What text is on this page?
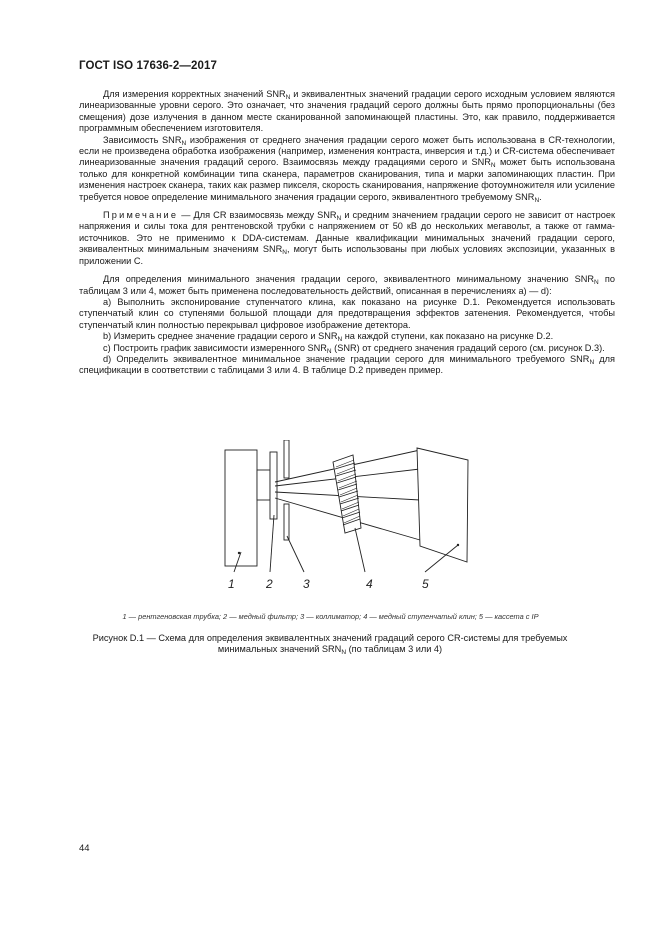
ГОСТ ISO 17636-2—2017

Для измерения корректных значений $SNR_N$ и эквивалентных значений градации серого исходным условием являются линеаризованные уровни серого. Это означает, что значения градаций серого должны быть прямо пропорциональны (без смещения) дозе излучения в данном месте сканированной запоминающей пластины. Это, как правило, поддерживается программным обеспечением изготовителя.

Зависимость $SNR_N$ изображения от среднего значения градации серого может быть использована в CR-технологии, если не произведена обработка изображения (например, изменения контраста, инверсия и т.д.) и CR-система обеспечивает линеаризованные значения градаций серого. Взаимосвязь между градациями серого и $SNR_N$ может быть использована только для конкретной комбинации типа сканера, параметров сканирования, типа и марки запоминающих пластин. При изменения настроек сканера, таких как размер пикселя, скорость сканирования, напряжение фотоумножителя или усиление требуется новое определение минимального значения градации серого, эквивалентного требуемому $SNR_N$.

Примечание — Для CR взаимосвязь между $SNR_N$ и средним значением градации серого не зависит от настроек напряжения и силы тока для рентгеновской трубки с напряжением от 50 кВ до нескольких мегавольт, а также от гамма-источников. Это не применимо к DDA-системам. Данные квалификации минимальных значений градации серого, эквивалентных минимальным значениям $SNR_N$, могут быть использованы при любых условиях экспозиции, указанных в приложении С.

Для определения минимального значения градации серого, эквивалентного минимальному значению $SNR_N$ по таблицам 3 или 4, может быть применена последовательность действий, описанная в перечислениях а) — d):

а) Выполнить экспонирование ступенчатого клина, как показано на рисунке D.1. Рекомендуется использовать ступенчатый клин со ступенями большой площади для предотвращения эффектов затенения. Рекомендуется, чтобы ступенчатый клин полностью перекрывал цифровое изображение детектора.

b) Измерить среднее значение градации серого и $SNR_N$ на каждой ступени, как показано на рисунке D.2.

с) Построить график зависимости измеренного $SNR_N$ (SNR) от среднего значения градаций серого (см. рисунок D.3).

d) Определить эквивалентное минимальное значение градации серого для минимального требуемого $SNR_N$ для спецификации в соответствии с таблицами 3 или 4. В таблице D.2 приведен пример.

1	2	3	4	5
1 — рентгеновская трубка; 2 — медный фильтр; 3 — коллиматор; 4 — медный ступенчатый клин; 5 — кассета с IP
Рисунок D.1 — Схема для определения эквивалентных значений градаций серого CR-системы для требуемых минимальных значений $SRN_N$ (по таблицам 3 или 4)
44
